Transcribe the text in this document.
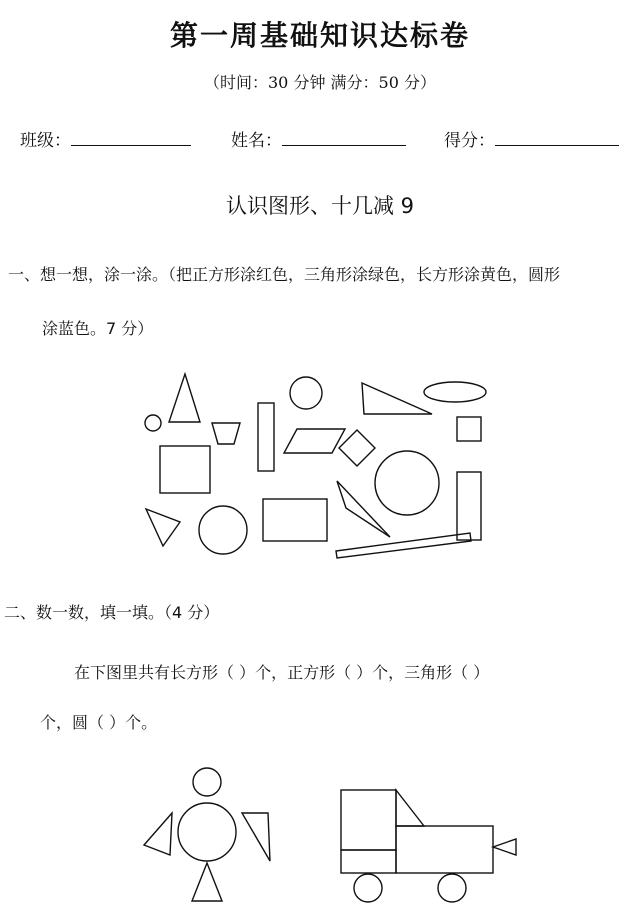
第一周基础知识达标卷
（时间：30 分钟 满分：50 分）
班级：	姓名：	得分：
认识图形、十几减 9
一、想一想，涂一涂。（把正方形涂红色，三角形涂绿色，长方形涂黄色，圆形
涂蓝色。7 分）
二、数一数，填一填。（4 分）
在下图里共有长方形（ ）个，正方形（ ）个，三角形（ ）
个，圆（ ）个。
